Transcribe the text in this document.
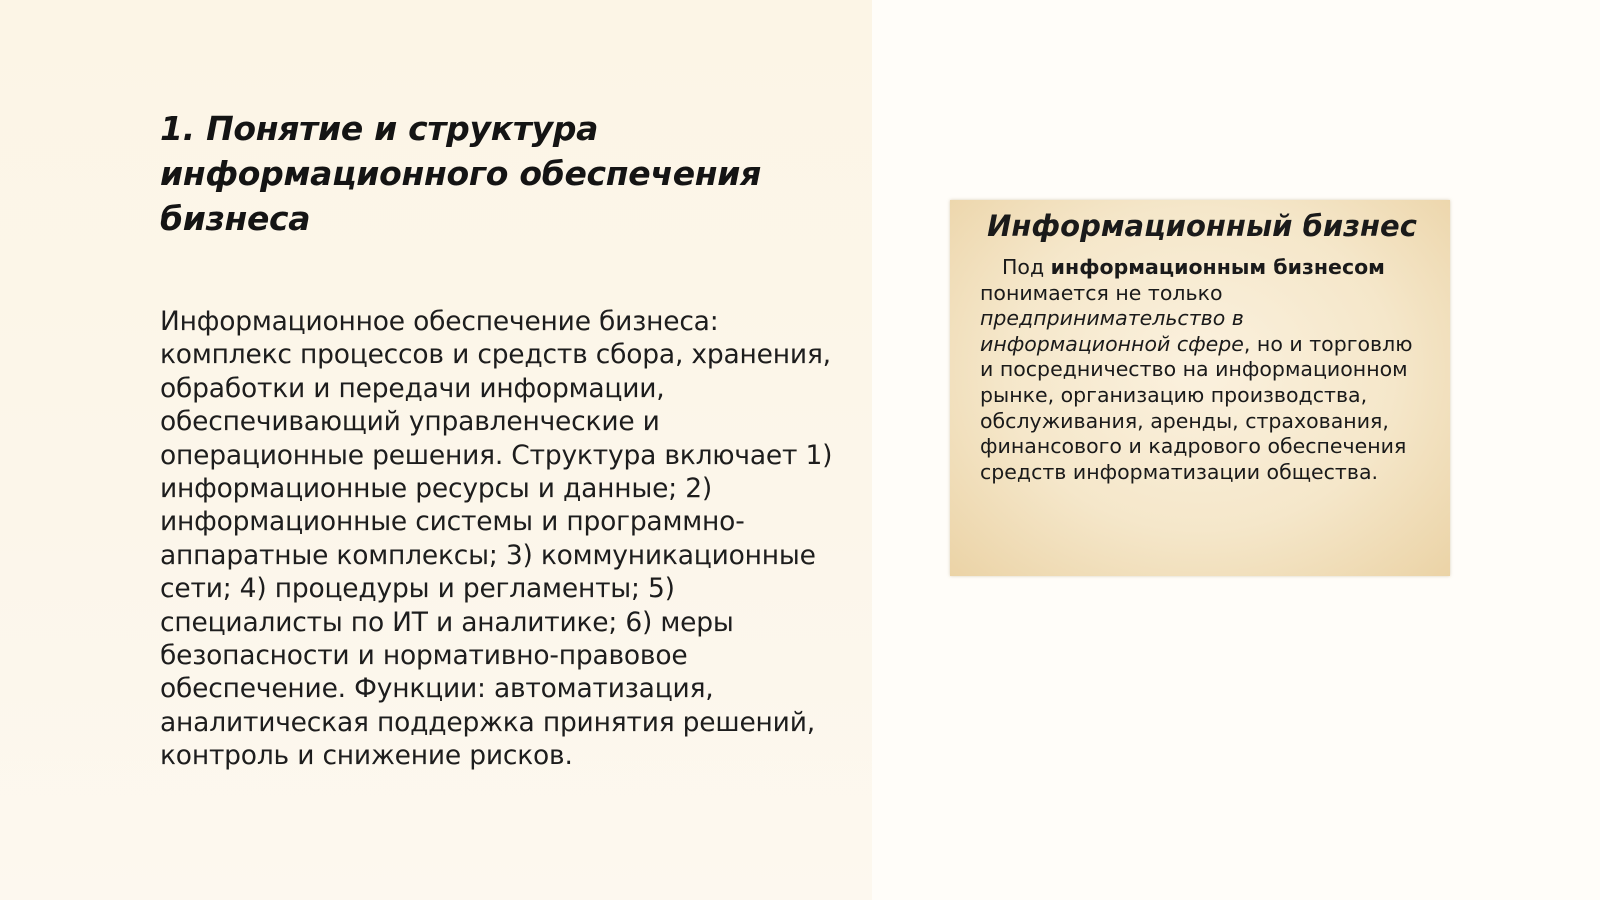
1. Понятие и структура информационного обеспечения бизнеса

Информационное обеспечение бизнеса: комплекс процессов и средств сбора, хранения, обработки и передачи информации, обеспечивающий управленческие и операционные решения. Структура включает 1) информационные ресурсы и данные; 2) информационные системы и программно-аппаратные комплексы; 3) коммуникационные сети; 4) процедуры и регламенты; 5) специалисты по ИТ и аналитике; 6) меры безопасности и нормативно-правовое обеспечение. Функции: автоматизация, аналитическая поддержка принятия решений, контроль и снижение рисков.

Информационный бизнес

Под информационным бизнесом понимается не только предпринимательство в информационной сфере, но и торговлю и посредничество на информационном рынке, организацию производства, обслуживания, аренды, страхования, финансового и кадрового обеспечения средств информатизации общества.
